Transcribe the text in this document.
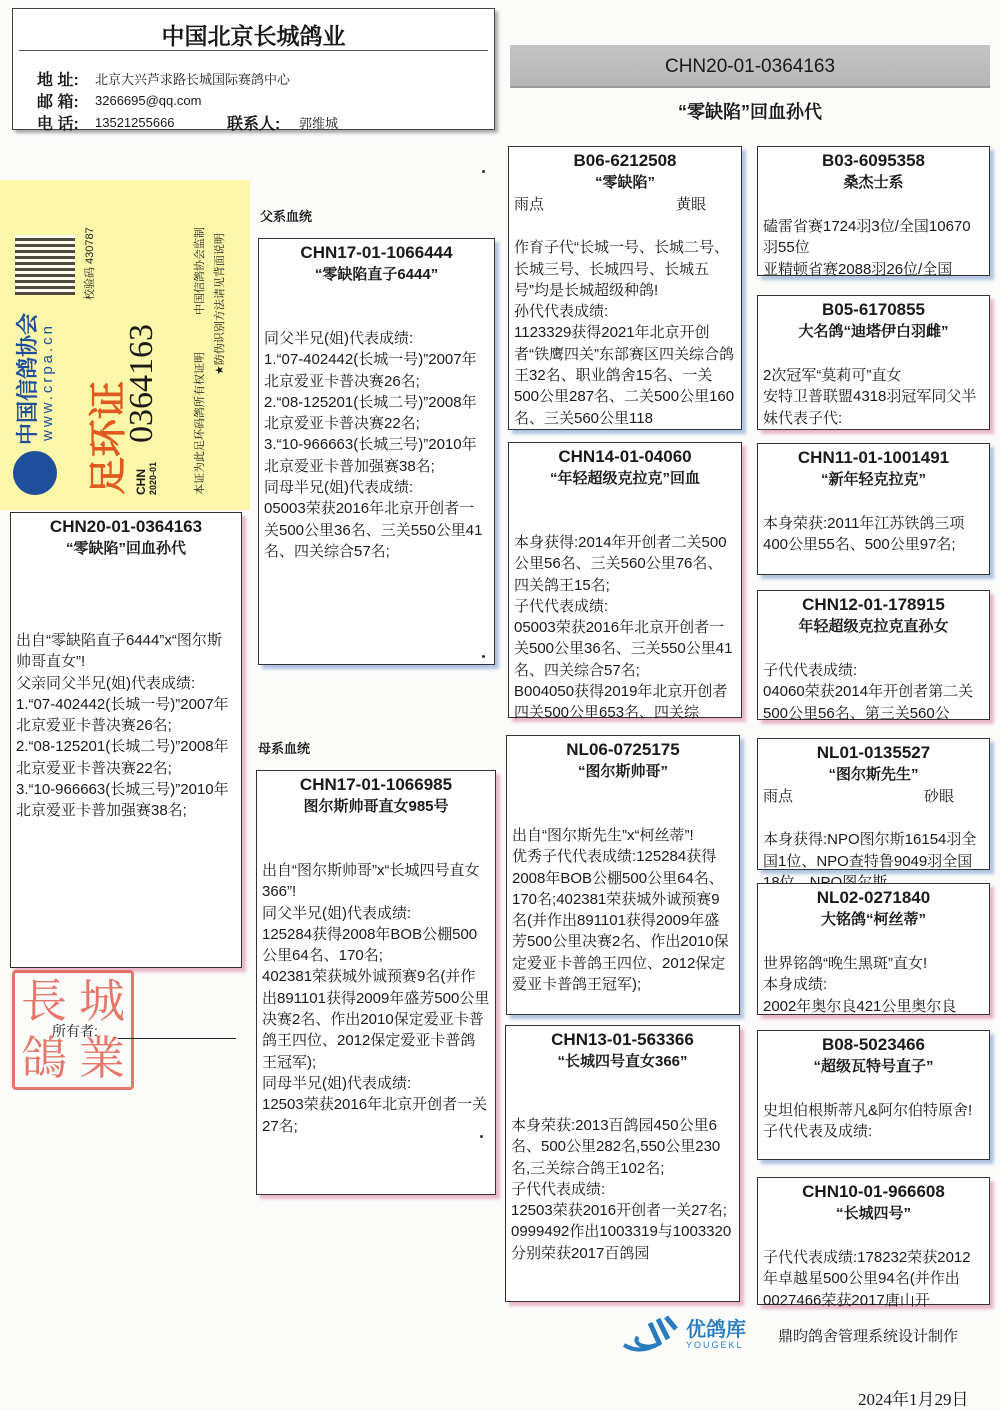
中国北京长城鸽业
地 址:	北京大兴芦求路长城国际赛鸽中心
邮 箱:	3266695@qq.com
电 话:	13521255666	联系人:	郭维城
CHN20-01-0364163
“零缺陷”回血孙代
中国信鸽协会 www.crpa.cn
校验码 430787
足环证 CHN 2020-01
0364163	本证为此足环码鸽所有权证明
中国信鸽协会监制 ★防伪识别方法请见背面说明
父系血统
母系血统
CHN20-01-0364163
“零缺陷”回血孙代
出自“零缺陷直子6444”x“图尔斯帅哥直女”!
父亲同父半兄(姐)代表成绩:
1.“07-402442(长城一号)”2007年北京爱亚卡普决赛26名;
2.“08-125201(长城二号)”2008年北京爱亚卡普决赛22名;
3.“10-966663(长城三号)”2010年北京爱亚卡普加强赛38名;
CHN17-01-1066444
“零缺陷直子6444”
同父半兄(姐)代表成绩:
1.“07-402442(长城一号)”2007年北京爱亚卡普决赛26名;
2.“08-125201(长城二号)”2008年北京爱亚卡普决赛22名;
3.“10-966663(长城三号)”2010年北京爱亚卡普加强赛38名;
同母半兄(姐)代表成绩:
05003荣获2016年北京开创者一关500公里36名、三关550公里41名、四关综合57名;
CHN17-01-1066985
图尔斯帅哥直女985号
出自“图尔斯帅哥”x“长城四号直女366”!
同父半兄(姐)代表成绩:
125284获得2008年BOB公棚500公里64名、170名;
402381荣获城外诚预赛9名(并作出891101获得2009年盛芳500公里决赛2名、作出2010保定爱亚卡普鸽王四位、2012保定爱亚卡普鸽王冠军);
同母半兄(姐)代表成绩:
12503荣获2016年北京开创者一关27名;
B06-6212508
“零缺陷”
雨点	黄眼
作育子代“长城一号、长城二号、长城三号、长城四号、长城五号”均是长城超级种鸽!
孙代代表成绩:
1123329获得2021年北京开创者“铁鹰四关”东部赛区四关综合鸽王32名、职业鸽舍15名、一关500公里287名、二关500公里160名、三关560公里118
CHN14-01-04060
“年轻超级克拉克”回血
本身获得:2014年开创者二关500公里56名、三关560公里76名、四关鸽王15名;
子代代表成绩:
05003荣获2016年北京开创者一关500公里36名、三关550公里41名、四关综合57名;
B004050获得2019年北京开创者四关500公里653名、四关综
NL06-0725175
“图尔斯帅哥”
出自“图尔斯先生”x“柯丝蒂”!
优秀子代代表成绩:125284获得2008年BOB公棚500公里64名、170名;402381荣获城外诚预赛9名(并作出891101获得2009年盛芳500公里决赛2名、作出2010保定爱亚卡普鸽王四位、2012保定爱亚卡普鸽王冠军);
CHN13-01-563366
“长城四号直女366”
本身荣获:2013百鸽园450公里6名、500公里282名,550公里230名,三关综合鸽王102名;
子代代表成绩:
12503荣获2016开创者一关27名;
0999492作出1003319与1003320分别荣获2017百鸽园
B03-6095358
桑杰士系
磕雷省赛1724羽3位/全国10670羽55位
亚精顿省赛2088羽26位/全国
B05-6170855
大名鸽“迪塔伊白羽雌”
2次冠军“莫莉可”直女
安特卫普联盟4318羽冠军同父半妹代表子代:
CHN11-01-1001491
“新年轻克拉克”
本身荣获:2011年江苏铁鸽三项400公里55名、500公里97名;
CHN12-01-178915
年轻超级克拉克直孙女
子代代表成绩:
04060荣获2014年开创者第二关500公里56名、第三关560公
NL01-0135527
“图尔斯先生”
雨点	砂眼
本身获得:NPO图尔斯16154羽全国1位、NPO查特鲁9049羽全国
NL02-0271840
大铭鸽“柯丝蒂”
世界铭鸽“晚生黑斑”直女!
本身成绩:
2002年奥尔良421公里奥尔良
B08-5023466
“超级瓦特号直子”
史坦伯根斯蒂凡&阿尔伯特原舍!
子代代表及成绩:
CHN10-01-966608
“长城四号”
子代代表成绩:178232荣获2012年卓越星500公里94名(并作出0027466荣获2017唐山开
長 城
鴿 業
所有者:
优鸽库
YOUGEKL 鼎昀鸽舍管理系统设计制作
2024年1月29日
